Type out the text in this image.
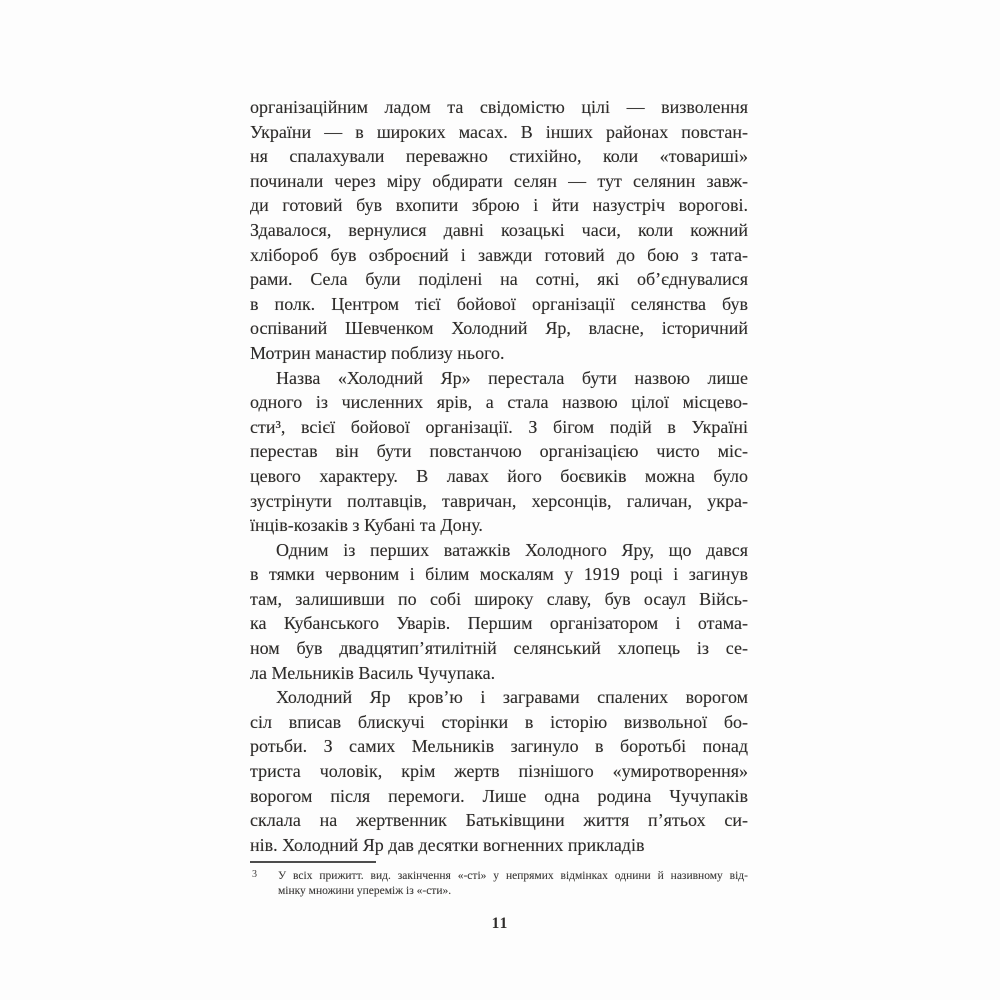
організаційним ладом та свідомістю цілі — визволення
України — в широких масах. В інших районах повстан-
ня спалахували переважно стихійно, коли «товариші»
починали через міру обдирати селян — тут селянин завж-
ди готовий був вхопити зброю і йти назустріч ворогові.
Здавалося, вернулися давні козацькі часи, коли кожний
хлібороб був озброєний і завжди готовий до бою з тата-
рами. Села були поділені на сотні, які об’єднувалися
в полк. Центром тієї бойової організації селянства був
оспіваний Шевченком Холодний Яр, власне, історичний
Мотрин манастир поблизу нього.
Назва «Холодний Яр» перестала бути назвою лише
одного із численних ярів, а стала назвою цілої місцево-
сти³, всієї бойової організації. З бігом подій в Україні
перестав він бути повстанчою організацією чисто міс-
цевого характеру. В лавах його боєвиків можна було
зустрінути полтавців, тавричан, херсонців, галичан, укра-
їнців-козаків з Кубані та Дону.
Одним із перших ватажків Холодного Яру, що дався
в тямки червоним і білим москалям у 1919 році і загинув
там, залишивши по собі широку славу, був осаул Війсь-
ка Кубанського Уварів. Першим організатором і отама-
ном був двадцятип’ятилітній селянський хлопець із се-
ла Мельників Василь Чучупака.
Холодний Яр кров’ю і загравами спалених ворогом
сіл вписав блискучі сторінки в історію визвольної бо-
ротьби. З самих Мельників загинуло в боротьбі понад
триста чоловік, крім жертв пізнішого «умиротворення»
ворогом після перемоги. Лише одна родина Чучупаків
склала на жертвенник Батьківщини життя п’ятьох си-
нів. Холодний Яр дав десятки вогненних прикладів
3 У всіх прижитт. вид. закінчення «-сті» у непрямих відмінках однини й називному від-
мінку множини упереміж із «-сти».
11
